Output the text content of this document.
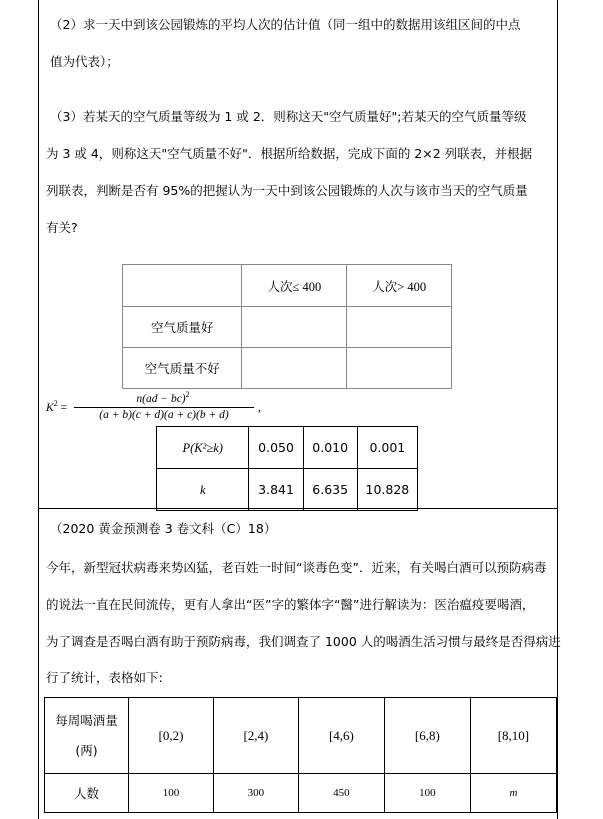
（2）求一天中到该公园锻炼的平均人次的估计值（同一组中的数据用该组区间的中点
值为代表）；
（3）若某天的空气质量等级为 1 或 2．则称这天"空气质量好";若某天的空气质量等级
为 3 或 4，则称这天"空气质量不好"．根据所给数据，完成下面的 2×2 列联表，并根据
列联表，判断是否有 95%的把握认为一天中到该公园锻炼的人次与该市当天的空气质量
有关?
	人次≤ 400	人次> 400
空气质量好		
空气质量不好		
$K^2$ =
n(ad − bc)$^2$
(a + b)(c + d)(a + c)(b + d)
,
P(K²≥k)	0.050	0.010	0.001
k	3.841	6.635	10.828
（2020 黄金预测卷 3 卷文科（C）18）
今年，新型冠状病毒来势凶猛，老百姓一时间“谈毒色变”．近来，有关喝白酒可以预防病毒
的说法一直在民间流传，更有人拿出“医”字的繁体字“醫”进行解读为：医治瘟疫要喝酒，
为了调查是否喝白酒有助于预防病毒，我们调查了 1000 人的喝酒生活习惯与最终是否得病进
行了统计，表格如下:
每周喝酒量
(两)	[0,2)	[2,4)	[4,6)	[6,8)	[8,10]
人数	100	300	450	100	m
